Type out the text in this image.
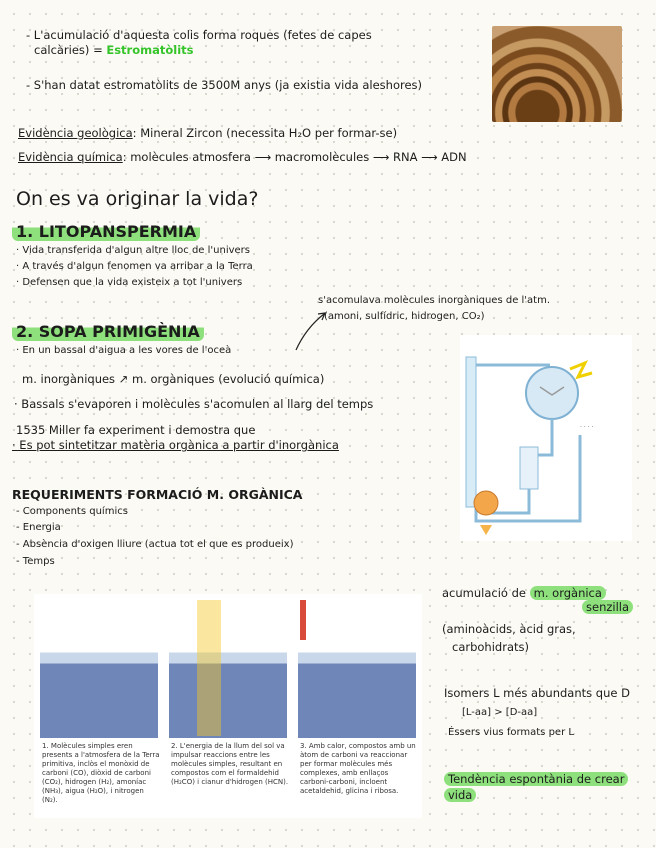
- L'acumulació d'aquesta colis forma roques (fetes de capes
calcàries) = Estromatòlits
- S'han datat estromatòlits de 3500M anys (ja existia vida aleshores)
Evidència geològica: Mineral Zircon (necessita H₂O per formar-se)
Evidència química: molècules atmosfera ⟶ macromolècules ⟶ RNA ⟶ ADN
On es va originar la vida?
1. LITOPANSPERMIA
· Vida transferida d'algun altre lloc de l'univers
· A través d'algun fenomen va arribar a la Terra
· Defensen que la vida existeix a tot l'univers
s'acomulava molècules inorgàniques de l'atm.
(amoni, sulfídric, hidrogen, CO₂)
2. SOPA PRIMIGÈNIA
· En un bassal d'aigua a les vores de l'oceà
m. inorgàniques ↗ m. orgàniques (evolució química)
· Bassals s'evaporen i molècules s'acomulen al llarg del temps
1535 Miller fa experiment i demostra que
· Es pot sintetitzar matèria orgànica a partir d'inorgànica
· · · ·
REQUERIMENTS FORMACIÓ M. ORGÀNICA
- Components químics
- Energia
- Absència d'oxigen lliure (actua tot el que es produeix)
- Temps
1. Molècules simples eren presents a l'atmosfera de la Terra primitiva, inclòs el monòxid de carboni (CO), diòxid de carboni (CO₂), hidrogen (H₂), amoníac (NH₃), aigua (H₂O), i nitrogen (N₂).
2. L'energia de la llum del sol va impulsar reaccions entre les molècules simples, resultant en compostos com el formaldehid (H₂CO) i cianur d'hidrogen (HCN).
3. Amb calor, compostos amb un àtom de carboni va reaccionar per formar molècules més complexes, amb enllaços carboni-carboni, incloent acetaldehid, glicina i ribosa.
acumulació de m. orgànica
senzilla
(aminoàcids, àcid gras,
carbohidrats)
Isomers L més abundants que D
[L-aa] > [D-aa]
Éssers vius formats per L
Tendència espontània de crear
vida
